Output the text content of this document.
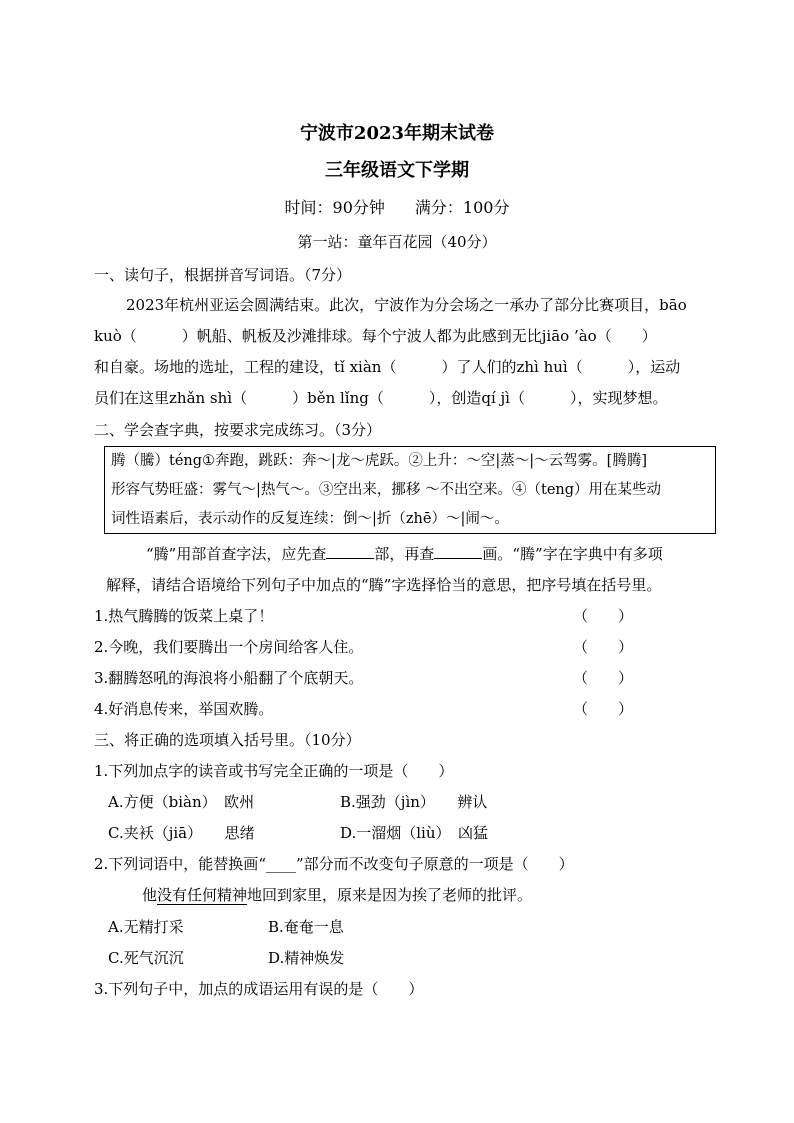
宁波市2023年期末试卷
三年级语文下学期
时间：90分钟 满分：100分
第一站：童年百花园（40分）
一、读句子，根据拼音写词语。（7分）
2023年杭州亚运会圆满结束。此次，宁波作为分会场之一承办了部分比赛项目，bāo
kuò（　　　）帆船、帆板及沙滩排球。每个宁波人都为此感到无比jiāo ’ào（　　）
和自豪。场地的选址，工程的建设，tǐ xiàn（　　　）了人们的zhì huì（　　　），运动
员们在这里zhǎn shì（　　　）běn lǐng（　　　），创造qí jì（　　　），实现梦想。
二、学会查字典，按要求完成练习。（3分）
腾（騰）téng①奔跑，跳跃：奔～|龙～虎跃。②上升：～空|蒸～|～云驾雾。[腾腾]
形容气势旺盛：雾气～|热气～。③空出来，挪移 ～不出空来。④（teng）用在某些动
词性语素后，表示动作的反复连续：倒～|折（zhē）～|闹～。
“腾”用部首查字法，应先查	部，再查	画。“腾”字在字典中有多项
解释，请结合语境给下列句子中加点的“腾”字选择恰当的意思，把序号填在括号里。
1.热气腾腾的饭菜上桌了！	（　　）
2.今晚，我们要腾出一个房间给客人住。	（　　）
3.翻腾怒吼的海浪将小船翻了个底朝天。	（　　）
4.好消息传来，举国欢腾。	（　　）
三、将正确的选项填入括号里。（10分）
1.下列加点字的读音或书写完全正确的一项是（　　）
A.方便（biàn）　欧州	B.强劲（jìn）　　辨认
C.夹袄（jiā）　　思绪	D.一溜烟（liù）　凶猛
2.下列词语中，能替换画“____”部分而不改变句子原意的一项是（　　）
他没有任何精神地回到家里，原来是因为挨了老师的批评。
A.无精打采	B.奄奄一息
C.死气沉沉	D.精神焕发
3.下列句子中，加点的成语运用有误的是（　　）
